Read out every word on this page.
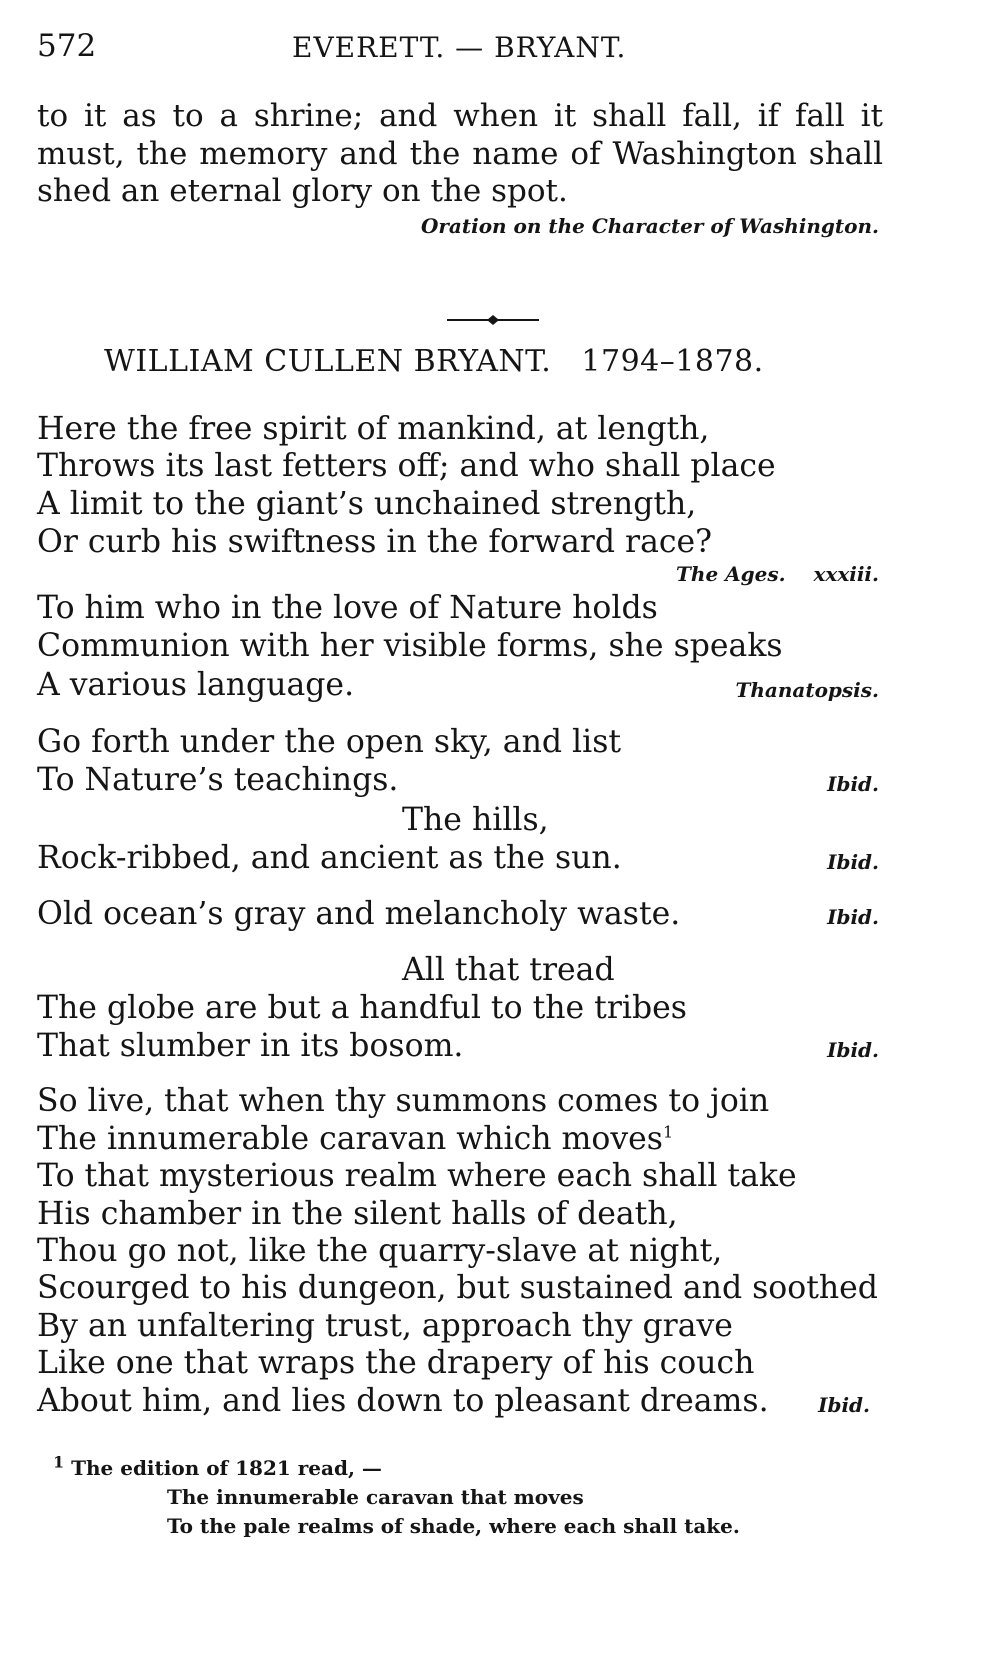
572	EVERETT. — BRYANT.
to it as to a shrine; and when it shall fall, if fall it
must, the memory and the name of Washington shall
shed an eternal glory on the spot.
Oration on the Character of Washington.
WILLIAM CULLEN BRYANT. 1794–1878.
Here the free spirit of mankind, at length,
Throws its last fetters off; and who shall place
A limit to the giant’s unchained strength,
Or curb his swiftness in the forward race?
The Ages. xxxiii.
To him who in the love of Nature holds
Communion with her visible forms, she speaks
A various language.	Thanatopsis.
Go forth under the open sky, and list
To Nature’s teachings.	Ibid.
The hills,
Rock-ribbed, and ancient as the sun.	Ibid.
Old ocean’s gray and melancholy waste.	Ibid.
All that tread
The globe are but a handful to the tribes
That slumber in its bosom.	Ibid.
So live, that when thy summons comes to join
The innumerable caravan which moves$^1$
To that mysterious realm where each shall take
His chamber in the silent halls of death,
Thou go not, like the quarry-slave at night,
Scourged to his dungeon, but sustained and soothed
By an unfaltering trust, approach thy grave
Like one that wraps the drapery of his couch
About him, and lies down to pleasant dreams. Ibid.
$^1$ The edition of 1821 read, —
The innumerable caravan that moves
To the pale realms of shade, where each shall take.
